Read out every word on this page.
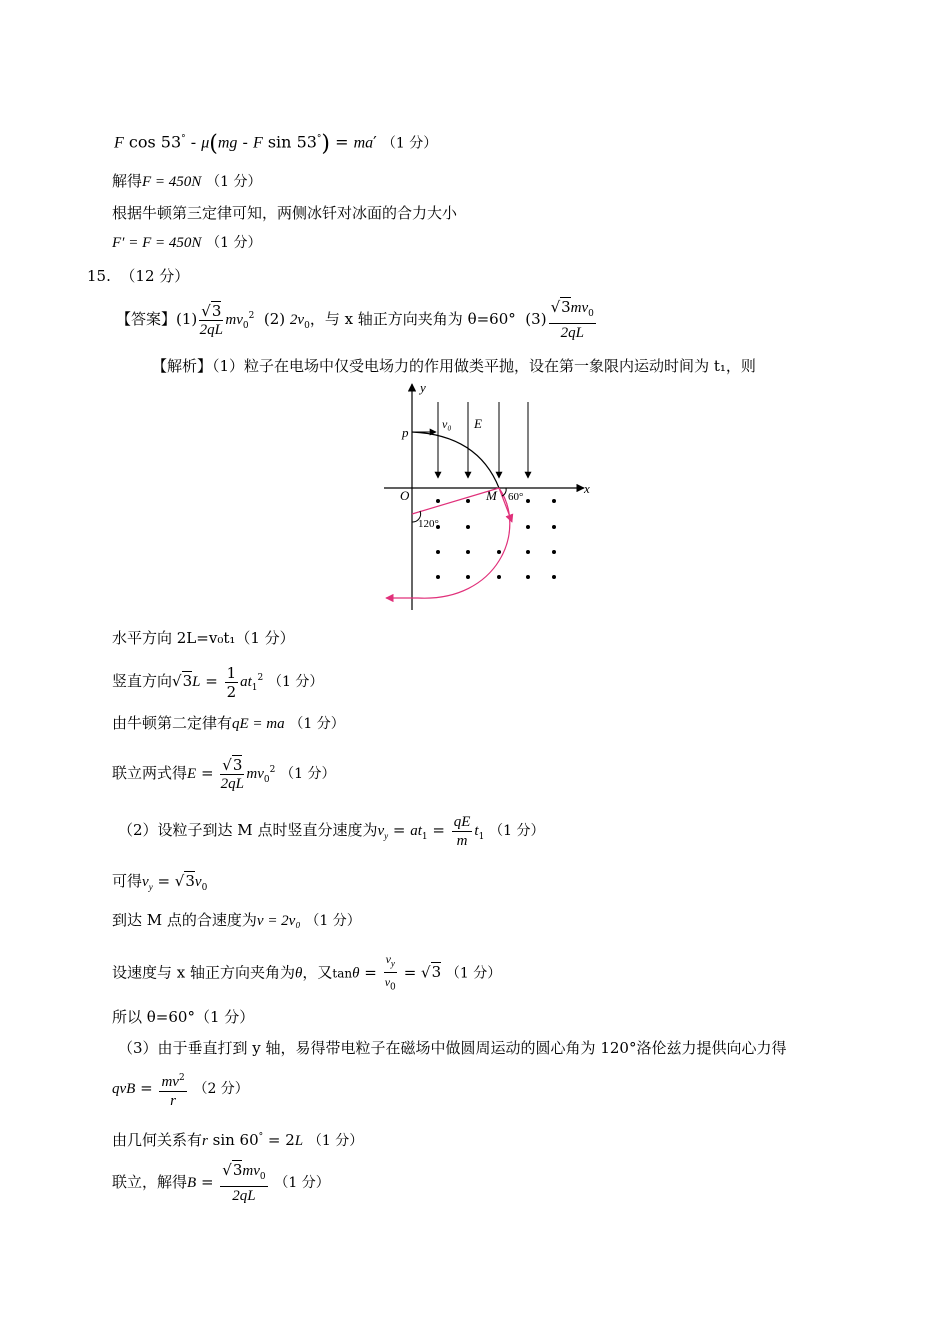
F cos 53° - μ(mg - F sin 53°) = ma′ （1 分）
解得F = 450N （1 分）
根据牛顿第三定律可知，两侧冰钎对冰面的合力大小
F′ = F = 450N （1 分）
15. （12 分）
【答案】$(1) \frac{√3}{2qL} mv_0^2$  (2) $2v_0$，与 x 轴正方向夹角为 θ=60°  $(3) \frac{√3mv_0}{2qL}$
【解析】（1）粒子在电场中仅受电场力的作用做类平抛，设在第一象限内运动时间为 t₁，则
y
x
O
p
M
v₀ E
60°
120°
水平方向 2L=v₀t₁（1 分）
竖直方向$√3L = \frac{1}{2} at_1^2$ （1 分）
由牛顿第二定律有qE = ma （1 分）
联立两式得$E = \frac{√3}{2qL} mv_0^2$ （1 分）
（2）设粒子到达 M 点时竖直分速度为$v_y = at_1 = \frac{qE}{m} t_1$ （1 分）
可得$v_y = √3v_0$
到达 M 点的合速度为v = 2v₀ （1 分）
设速度与 x 轴正方向夹角为θ，又$\tan\theta = \frac{v_y}{v_0} = √3$ （1 分）
所以 θ=60°（1 分）
（3）由于垂直打到 y 轴，易得带电粒子在磁场中做圆周运动的圆心角为 120°洛伦兹力提供向心力得
qvB = $\frac{mv^2}{r} (2$ 分）
由几何关系有r sin 60° = 2L （1 分）
联立，解得$B = \frac{√3mv_0}{2qL} (1$ 分）
